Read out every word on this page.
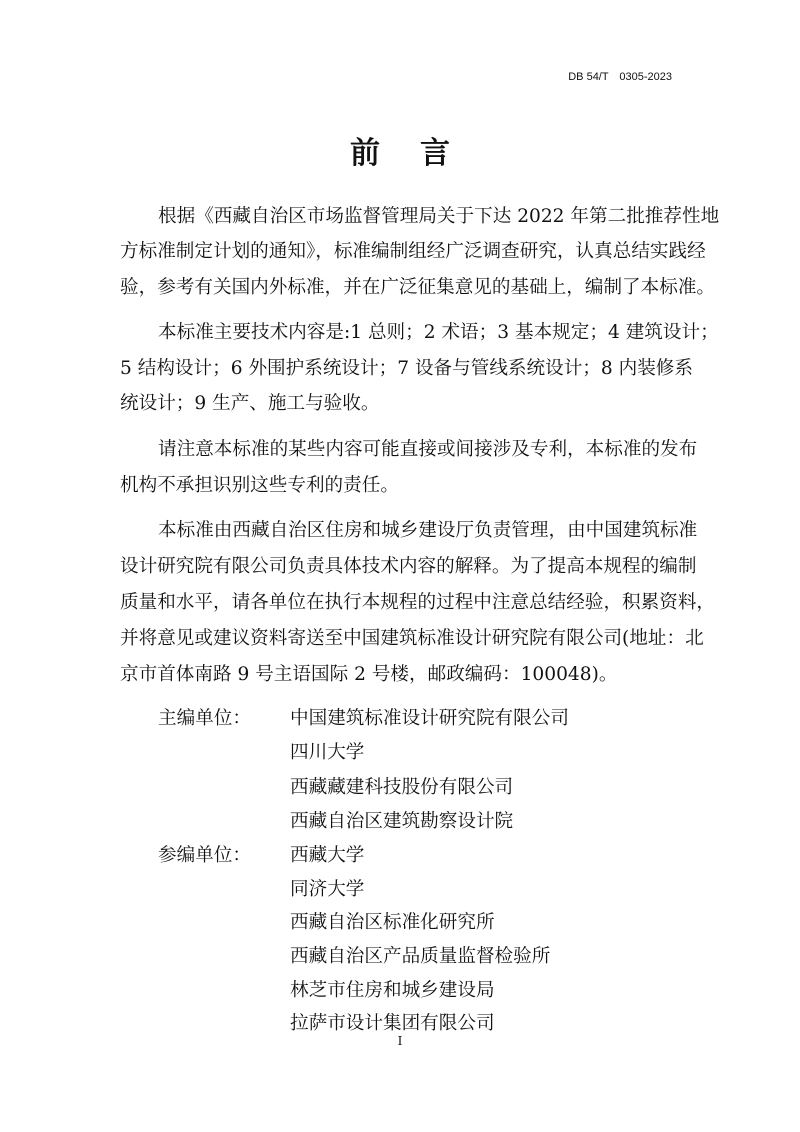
DB 54/T　0305-2023
前言
根据《西藏自治区市场监督管理局关于下达 2022 年第二批推荐性地
方标准制定计划的通知》，标准编制组经广泛调查研究，认真总结实践经
验，参考有关国内外标准，并在广泛征集意见的基础上，编制了本标准。
本标准主要技术内容是:1 总则；2 术语；3 基本规定；4 建筑设计；
5 结构设计；6 外围护系统设计；7 设备与管线系统设计；8 内装修系
统设计；9 生产、施工与验收。
请注意本标准的某些内容可能直接或间接涉及专利，本标准的发布
机构不承担识别这些专利的责任。
本标准由西藏自治区住房和城乡建设厅负责管理，由中国建筑标准
设计研究院有限公司负责具体技术内容的解释。为了提高本规程的编制
质量和水平，请各单位在执行本规程的过程中注意总结经验，积累资料，
并将意见或建议资料寄送至中国建筑标准设计研究院有限公司(地址：北
京市首体南路 9 号主语国际 2 号楼，邮政编码：100048)。
主编单位： 中国建筑标准设计研究院有限公司
四川大学
西藏藏建科技股份有限公司
西藏自治区建筑勘察设计院
参编单位： 西藏大学
同济大学
西藏自治区标准化研究所
西藏自治区产品质量监督检验所
林芝市住房和城乡建设局
拉萨市设计集团有限公司
I
